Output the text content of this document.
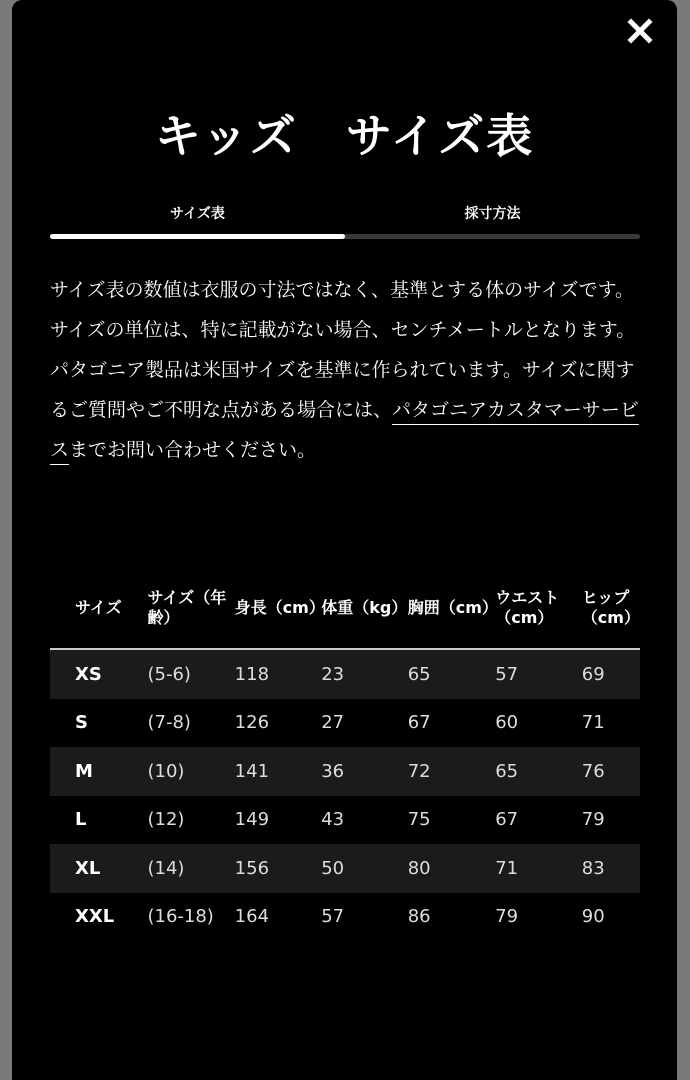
キッズ　サイズ表
サイズ表	採寸方法

サイズ表の数値は衣服の寸法ではなく、基準とする体のサイズです。

サイズの単位は、特に記載がない場合、センチメートルとなります。

パタゴニア製品は米国サイズを基準に作られています。サイズに関するご質問やご不明な点がある場合には、パタゴニアカスタマーサービスまでお問い合わせください。

サイズ	サイズ（年齢）	身長（cm）	体重（kg）	胸囲（cm）	ウエスト（cm）	ヒップ（cm）
XS	(5-6)	118	23	65	57	69
S	(7-8)	126	27	67	60	71
M	(10)	141	36	72	65	76
L	(12)	149	43	75	67	79
XL	(14)	156	50	80	71	83
XXL	(16-18)	164	57	86	79	90
